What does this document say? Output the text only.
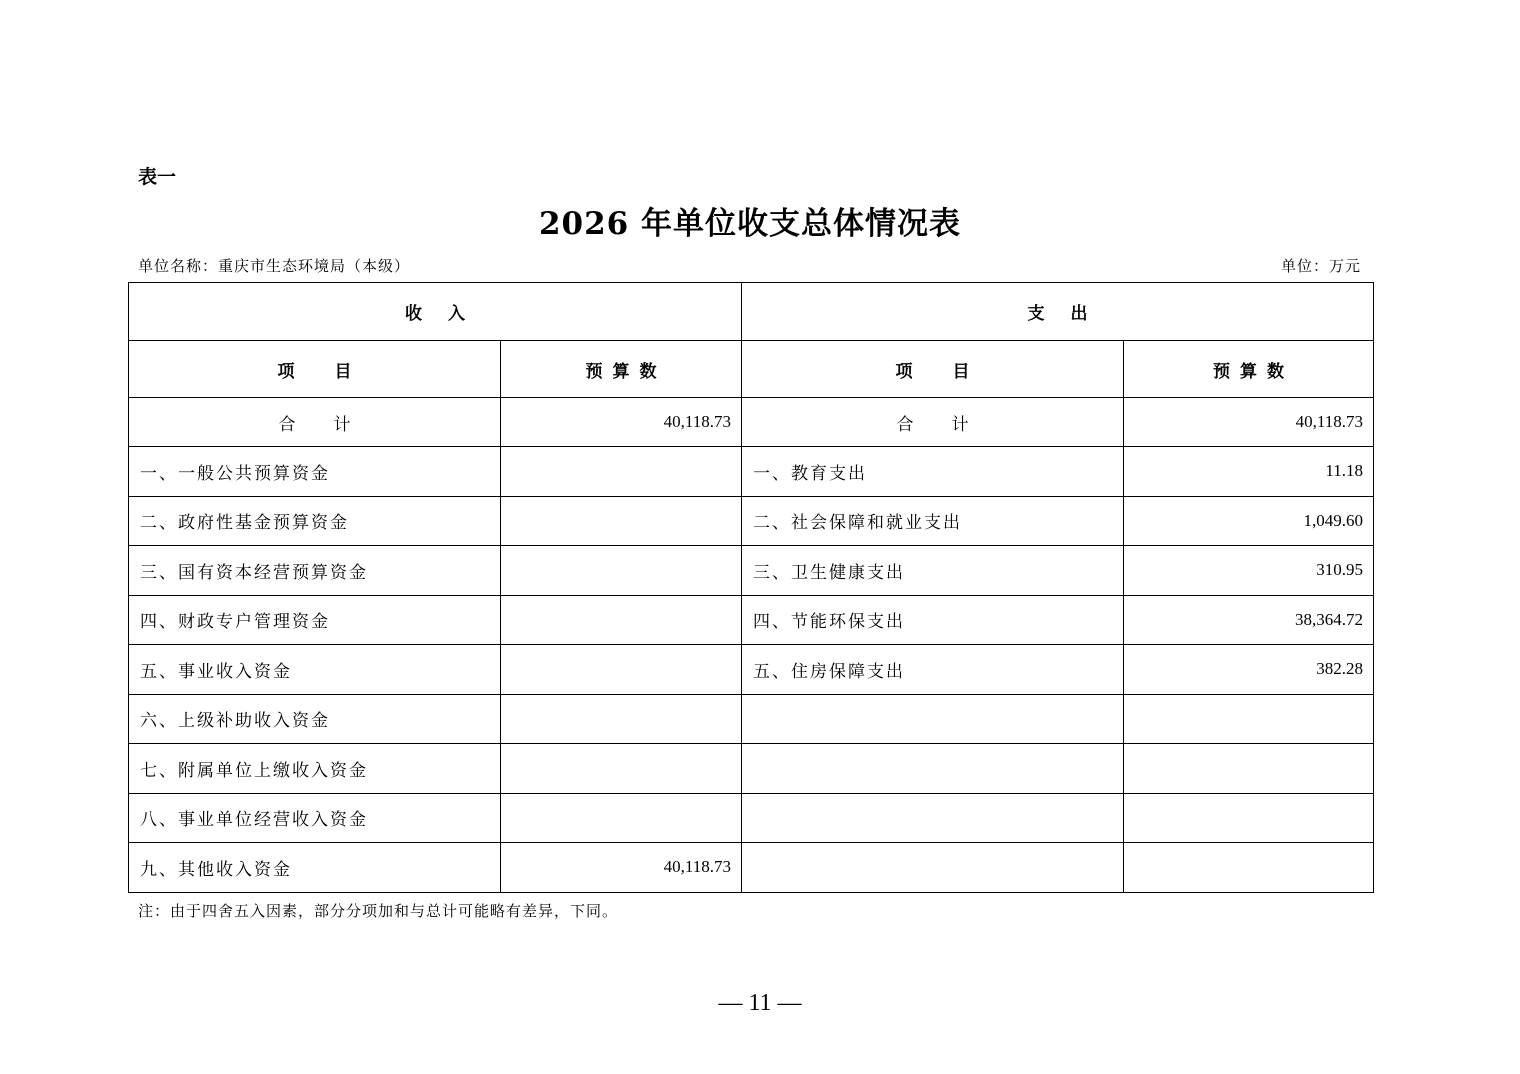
表一
2026 年单位收支总体情况表
单位名称：重庆市生态环境局（本级）	单位：万元
收入		支出	
项目	预算数	项目	预算数
合计	40,118.73	合计	40,118.73
一、一般公共预算资金		一、教育支出	11.18
二、政府性基金预算资金		二、社会保障和就业支出	1,049.60
三、国有资本经营预算资金		三、卫生健康支出	310.95
四、财政专户管理资金		四、节能环保支出	38,364.72
五、事业收入资金		五、住房保障支出	382.28
六、上级补助收入资金			
七、附属单位上缴收入资金			
八、事业单位经营收入资金			
九、其他收入资金	40,118.73		
注：由于四舍五入因素，部分分项加和与总计可能略有差异，下同。
— 11 —
